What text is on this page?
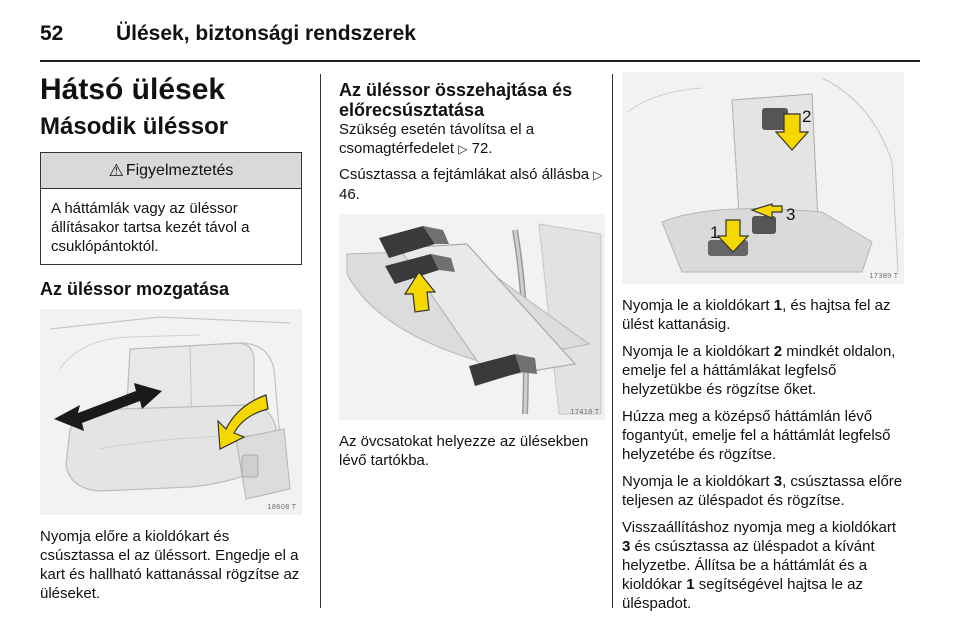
52	Ülések, biztonsági rendszerek
Hátsó ülések
Második üléssor
⚠ Figyelmeztetés
A háttámlák vagy az üléssor állításakor tartsa kezét távol a csuklópántoktól.
Az üléssor mozgatása
18608 T

Nyomja előre a kioldókart és csúsztassa el az üléssort. Engedje el a kart és hallható kattanással rögzítse az üléseket.

Az üléssor összehajtása és előrecsúsztatása

Szükség esetén távolítsa el a csomagtérfedelet ▷ 72.

Csúsztassa a fejtámlákat alsó állásba ▷ 46.

17418 T

Az övcsatokat helyezze az ülésekben lévő tartókba.

2
3
1
17389 T

Nyomja le a kioldókart 1, és hajtsa fel az ülést kattanásig.

Nyomja le a kioldókart 2 mindkét oldalon, emelje fel a háttámlákat legfelső helyzetükbe és rögzítse őket.

Húzza meg a középső háttámlán lévő fogantyút, emelje fel a háttámlát legfelső helyzetébe és rögzítse.

Nyomja le a kioldókart 3, csúsztassa előre teljesen az üléspadot és rögzítse.

Visszaállításhoz nyomja meg a kioldókart 3 és csúsztassa az üléspadot a kívánt helyzetbe. Állítsa be a háttámlát és a kioldókar 1 segítségével hajtsa le az üléspadot.
